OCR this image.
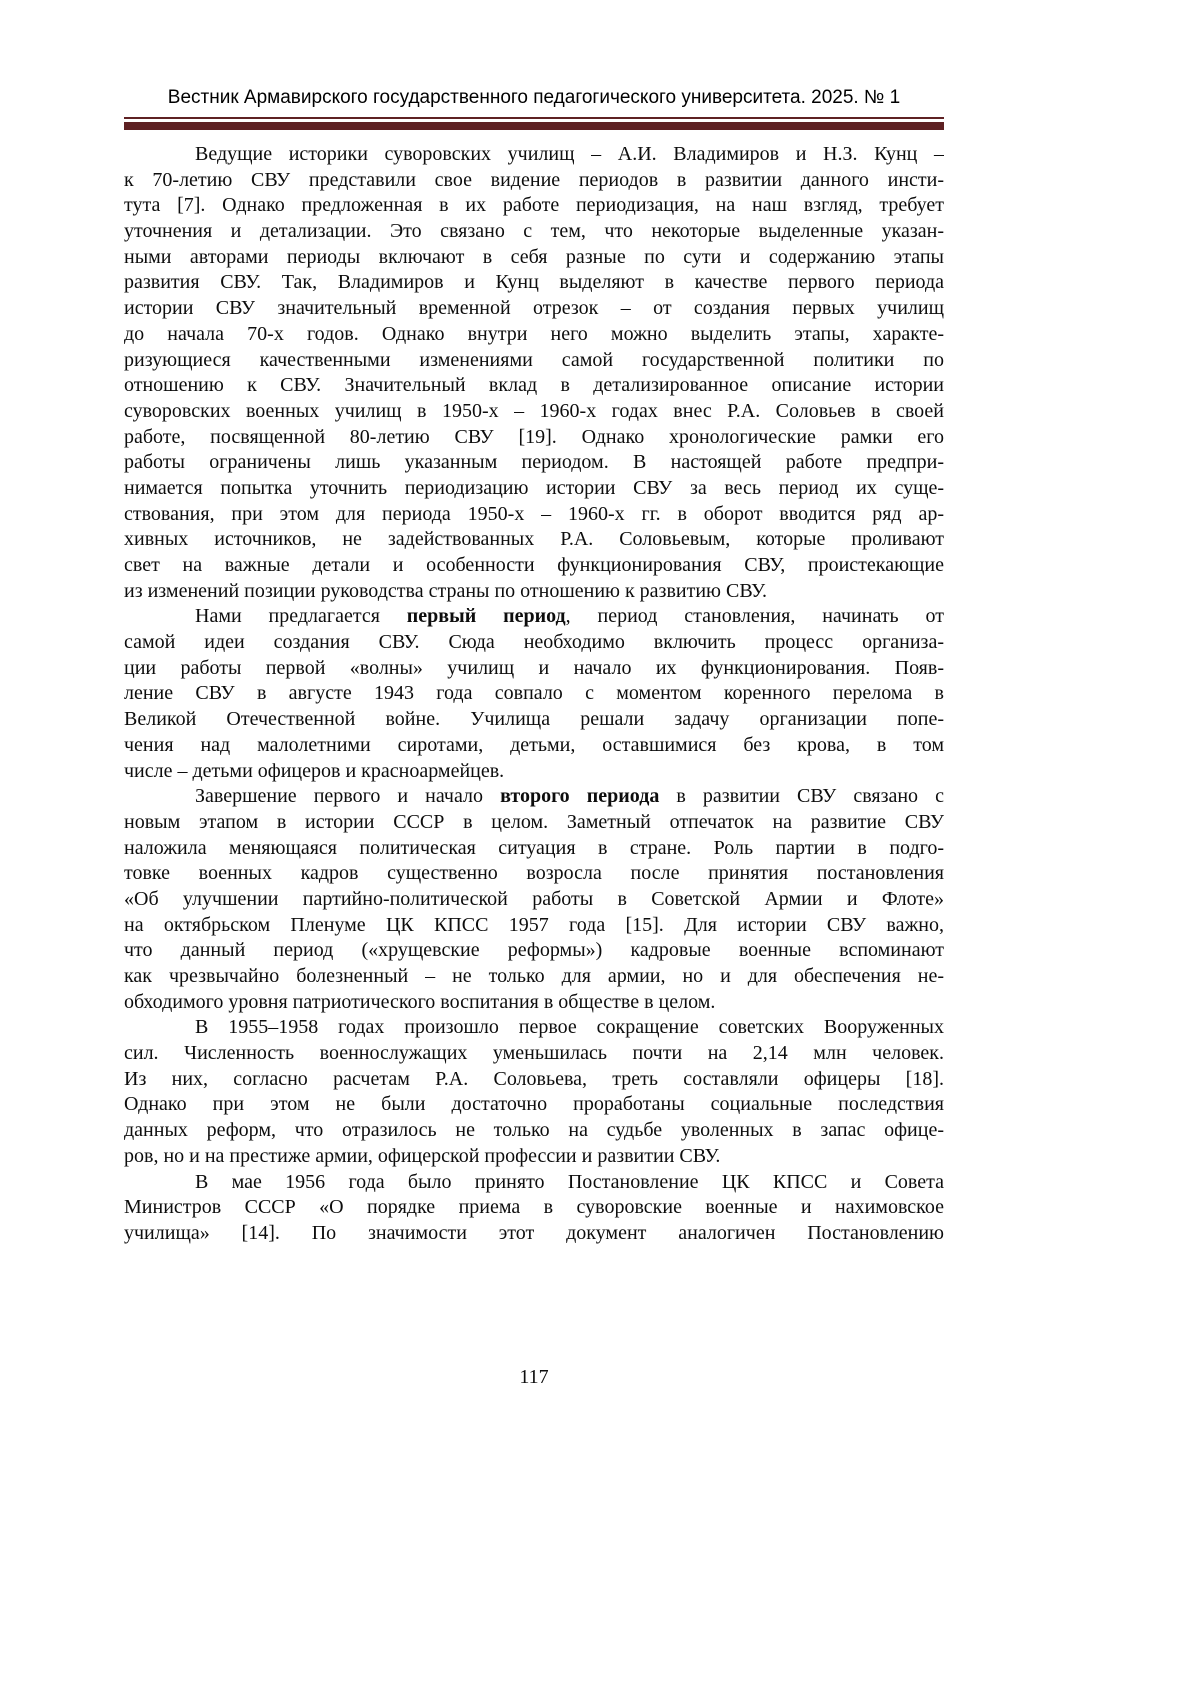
Вестник Армавирского государственного педагогического университета. 2025. № 1
Ведущие историки суворовских училищ – А.И. Владимиров и Н.З. Кунц –
к 70-летию СВУ представили свое видение периодов в развитии данного инсти-
тута [7]. Однако предложенная в их работе периодизация, на наш взгляд, требует
уточнения и детализации. Это связано с тем, что некоторые выделенные указан-
ными авторами периоды включают в себя разные по сути и содержанию этапы
развития СВУ. Так, Владимиров и Кунц выделяют в качестве первого периода
истории СВУ значительный временной отрезок – от создания первых училищ
до начала 70-х годов. Однако внутри него можно выделить этапы, характе-
ризующиеся качественными изменениями самой государственной политики по
отношению к СВУ. Значительный вклад в детализированное описание истории
суворовских военных училищ в 1950-х – 1960-х годах внес Р.А. Соловьев в своей
работе, посвященной 80-летию СВУ [19]. Однако хронологические рамки его
работы ограничены лишь указанным периодом. В настоящей работе предпри-
нимается попытка уточнить периодизацию истории СВУ за весь период их суще-
ствования, при этом для периода 1950-х – 1960-х гг. в оборот вводится ряд ар-
хивных источников, не задействованных Р.А. Соловьевым, которые проливают
свет на важные детали и особенности функционирования СВУ, проистекающие
из изменений позиции руководства страны по отношению к развитию СВУ.
Нами предлагается первый период, период становления, начинать от
самой идеи создания СВУ. Сюда необходимо включить процесс организа-
ции работы первой «волны» училищ и начало их функционирования. Появ-
ление СВУ в августе 1943 года совпало с моментом коренного перелома в
Великой Отечественной войне. Училища решали задачу организации попе-
чения над малолетними сиротами, детьми, оставшимися без крова, в том
числе – детьми офицеров и красноармейцев.
Завершение первого и начало второго периода в развитии СВУ связано с
новым этапом в истории СССР в целом. Заметный отпечаток на развитие СВУ
наложила меняющаяся политическая ситуация в стране. Роль партии в подго-
товке военных кадров существенно возросла после принятия постановления
«Об улучшении партийно-политической работы в Советской Армии и Флоте»
на октябрьском Пленуме ЦК КПСС 1957 года [15]. Для истории СВУ важно,
что данный период («хрущевские реформы») кадровые военные вспоминают
как чрезвычайно болезненный – не только для армии, но и для обеспечения не-
обходимого уровня патриотического воспитания в обществе в целом.
В 1955–1958 годах произошло первое сокращение советских Вооруженных
сил. Численность военнослужащих уменьшилась почти на 2,14 млн человек.
Из них, согласно расчетам Р.А. Соловьева, треть составляли офицеры [18].
Однако при этом не были достаточно проработаны социальные последствия
данных реформ, что отразилось не только на судьбе уволенных в запас офице-
ров, но и на престиже армии, офицерской профессии и развитии СВУ.
В мае 1956 года было принято Постановление ЦК КПСС и Совета
Министров СССР «О порядке приема в суворовские военные и нахимовское
училища» [14]. По значимости этот документ аналогичен Постановлению
117
